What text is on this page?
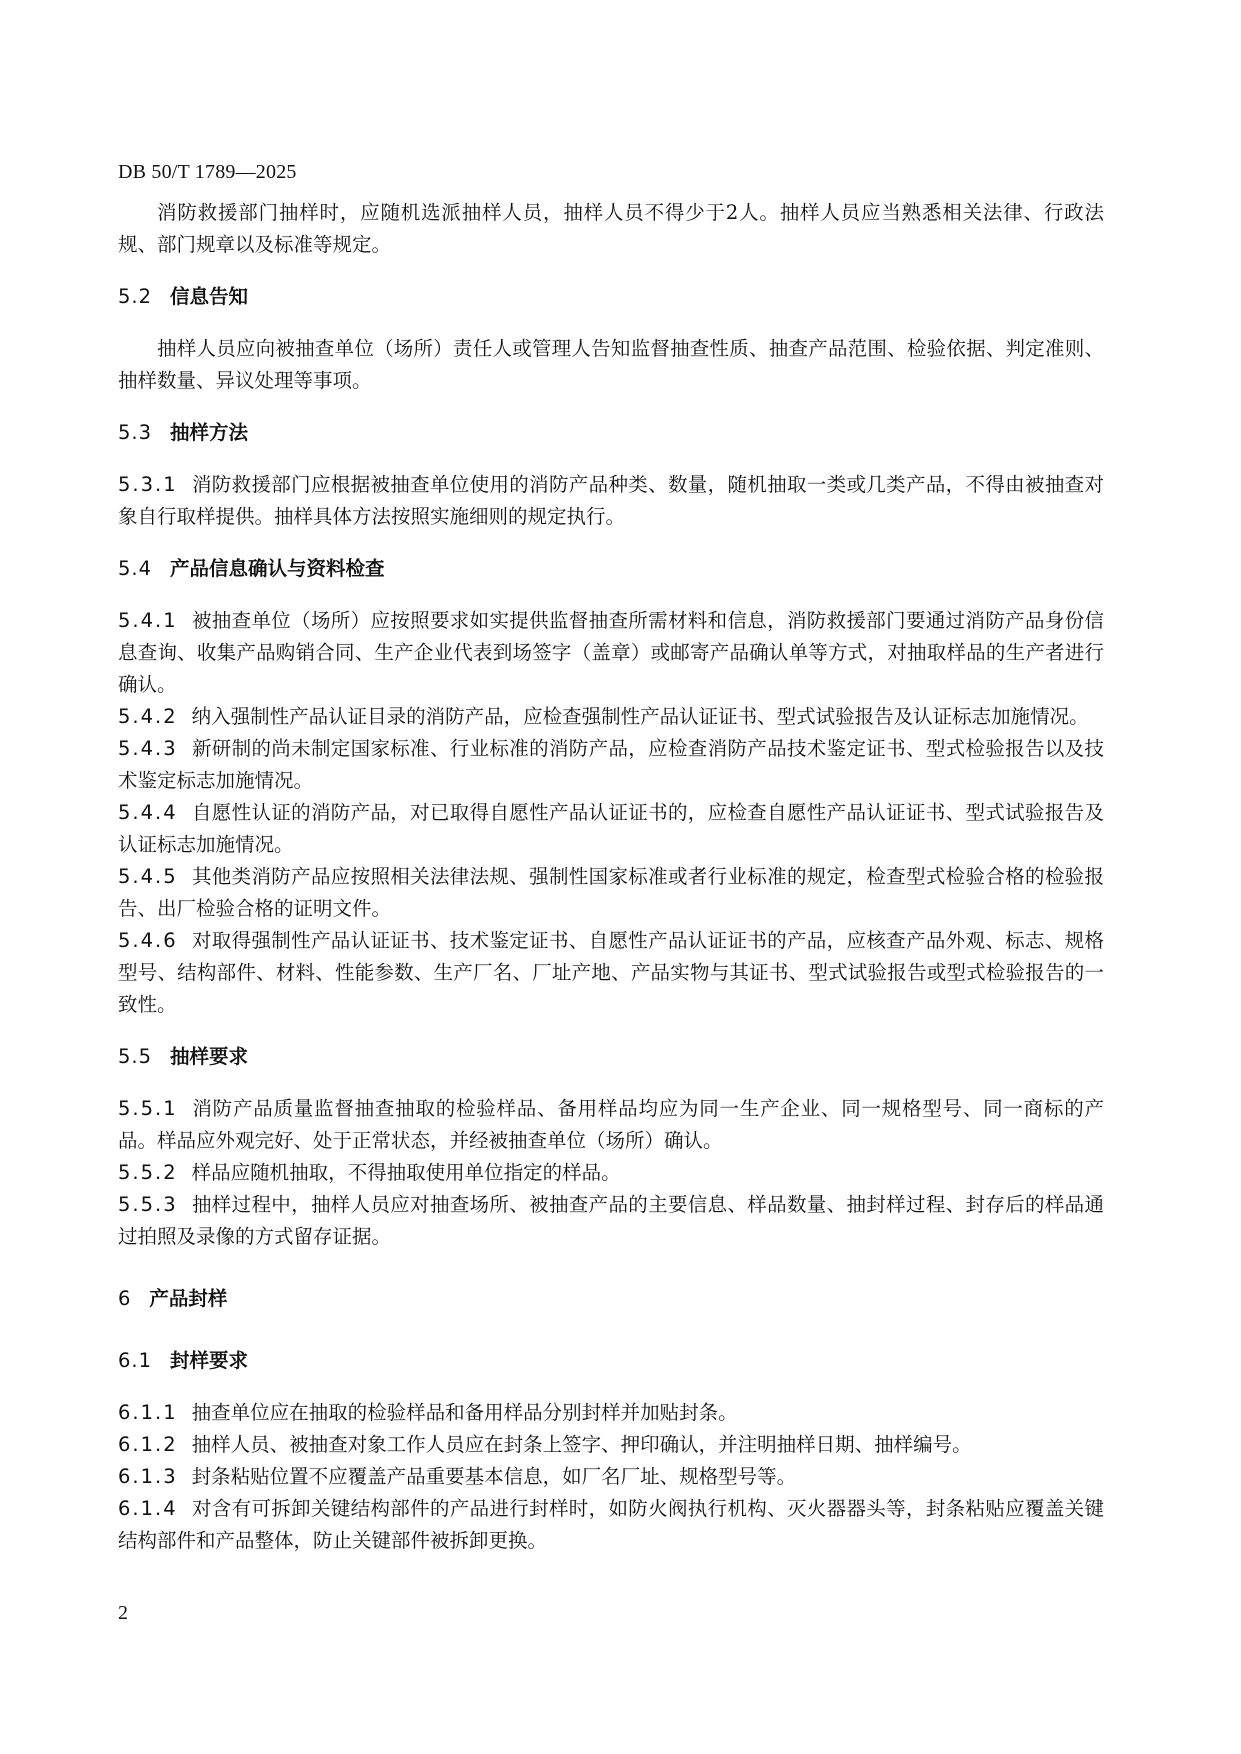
DB 50/T 1789—2025

消防救援部门抽样时，应随机选派抽样人员，抽样人员不得少于2人。抽样人员应当熟悉相关法律、行政法规、部门规章以及标准等规定。

5.2 信息告知

抽样人员应向被抽查单位（场所）责任人或管理人告知监督抽查性质、抽查产品范围、检验依据、判定准则、抽样数量、异议处理等事项。

5.3 抽样方法

5.3.1 消防救援部门应根据被抽查单位使用的消防产品种类、数量，随机抽取一类或几类产品，不得由被抽查对象自行取样提供。抽样具体方法按照实施细则的规定执行。

5.4 产品信息确认与资料检查

5.4.1 被抽查单位（场所）应按照要求如实提供监督抽查所需材料和信息，消防救援部门要通过消防产品身份信息查询、收集产品购销合同、生产企业代表到场签字（盖章）或邮寄产品确认单等方式，对抽取样品的生产者进行确认。

5.4.2 纳入强制性产品认证目录的消防产品，应检查强制性产品认证证书、型式试验报告及认证标志加施情况。

5.4.3 新研制的尚未制定国家标准、行业标准的消防产品，应检查消防产品技术鉴定证书、型式检验报告以及技术鉴定标志加施情况。

5.4.4 自愿性认证的消防产品，对已取得自愿性产品认证证书的，应检查自愿性产品认证证书、型式试验报告及认证标志加施情况。

5.4.5 其他类消防产品应按照相关法律法规、强制性国家标准或者行业标准的规定，检查型式检验合格的检验报告、出厂检验合格的证明文件。

5.4.6 对取得强制性产品认证证书、技术鉴定证书、自愿性产品认证证书的产品，应核查产品外观、标志、规格型号、结构部件、材料、性能参数、生产厂名、厂址产地、产品实物与其证书、型式试验报告或型式检验报告的一致性。

5.5 抽样要求

5.5.1 消防产品质量监督抽查抽取的检验样品、备用样品均应为同一生产企业、同一规格型号、同一商标的产品。样品应外观完好、处于正常状态，并经被抽查单位（场所）确认。

5.5.2 样品应随机抽取，不得抽取使用单位指定的样品。

5.5.3 抽样过程中，抽样人员应对抽查场所、被抽查产品的主要信息、样品数量、抽封样过程、封存后的样品通过拍照及录像的方式留存证据。

6 产品封样

6.1 封样要求

6.1.1 抽查单位应在抽取的检验样品和备用样品分别封样并加贴封条。

6.1.2 抽样人员、被抽查对象工作人员应在封条上签字、押印确认，并注明抽样日期、抽样编号。

6.1.3 封条粘贴位置不应覆盖产品重要基本信息，如厂名厂址、规格型号等。

6.1.4 对含有可拆卸关键结构部件的产品进行封样时，如防火阀执行机构、灭火器器头等，封条粘贴应覆盖关键结构部件和产品整体，防止关键部件被拆卸更换。

2
